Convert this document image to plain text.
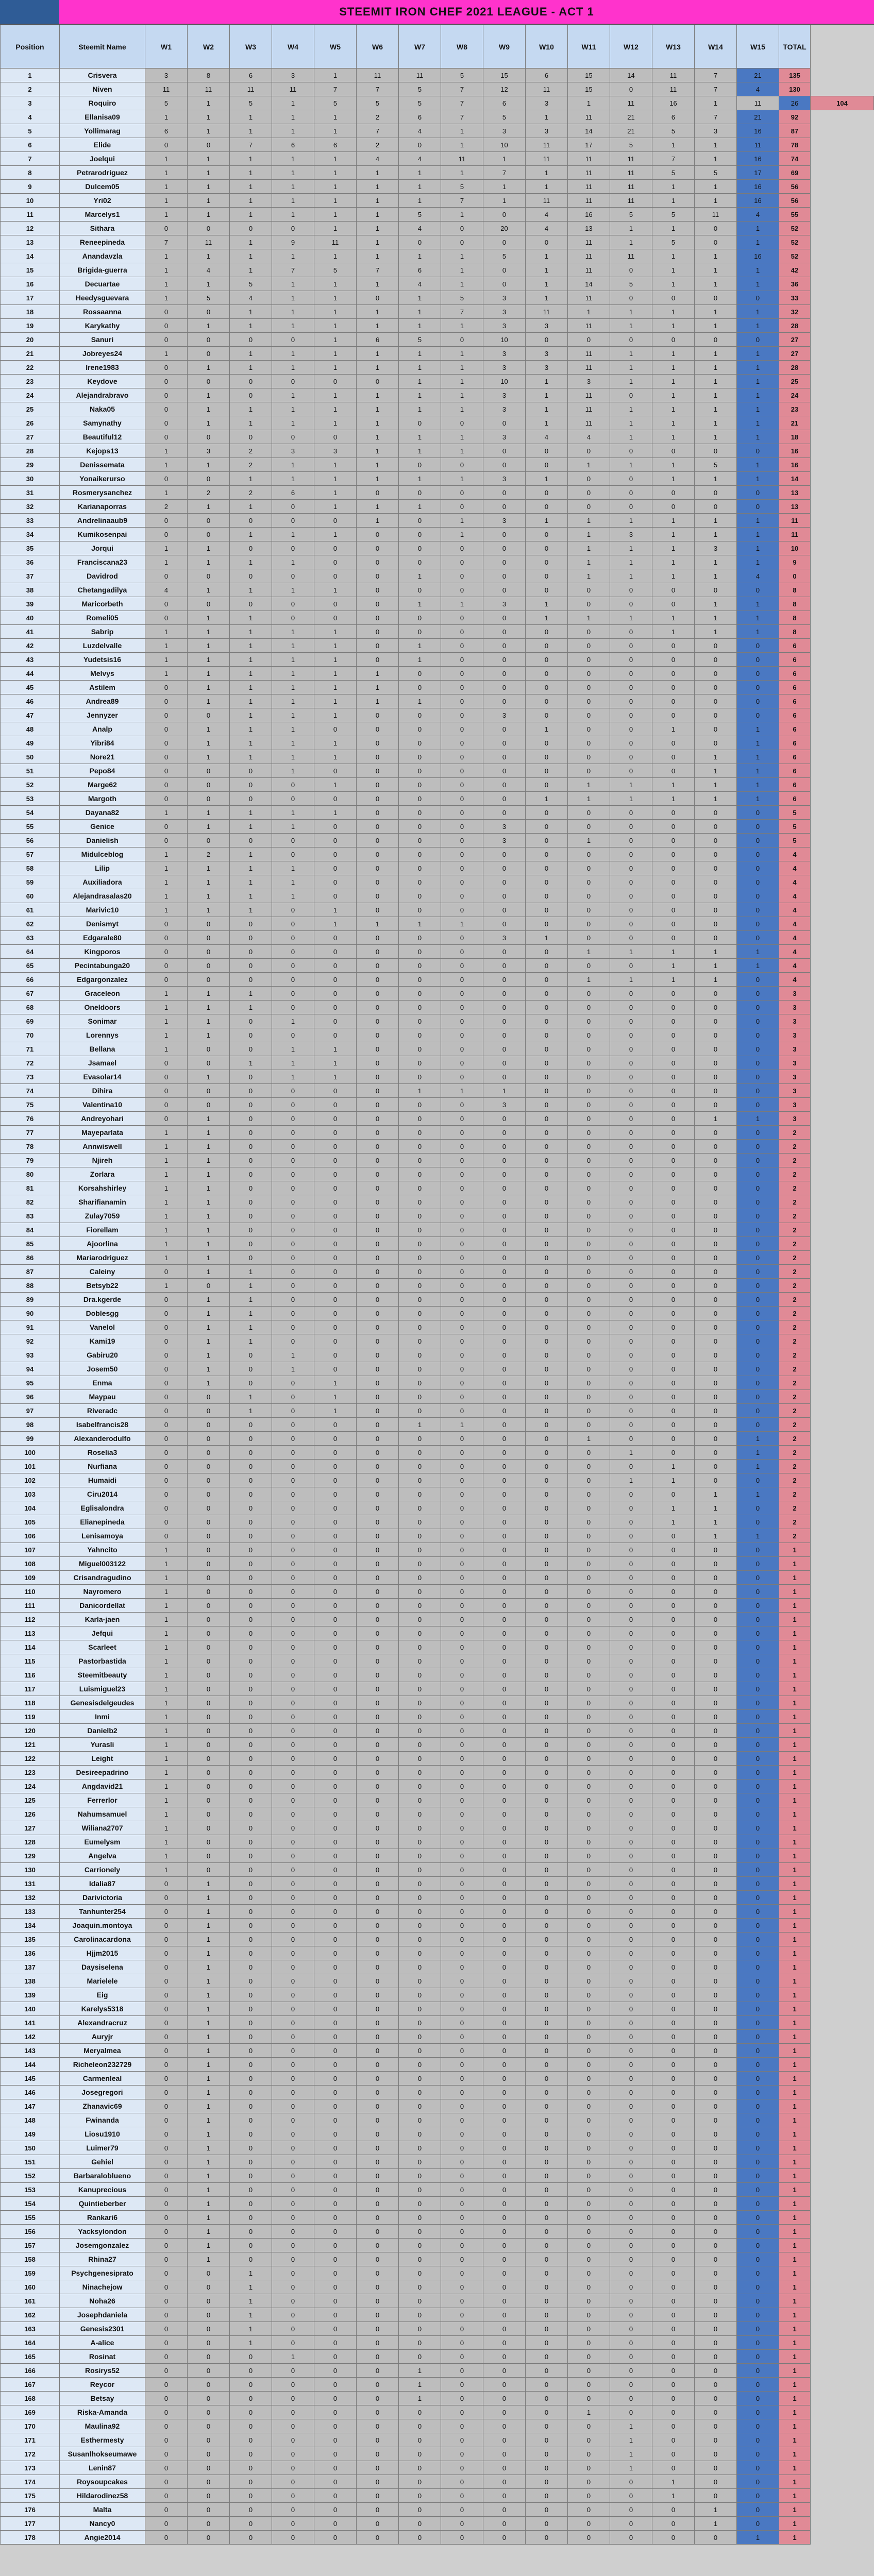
STEEMIT IRON CHEF 2021 LEAGUE - ACT 1
Position	Steemit Name	W1	W2	W3	W4	W5	W6	W7	W8	W9	W10	W11	W12	W13	W14	W15	TOTAL	
1	Crisvera	3	8	6	3	1	11	11	5	15	6	15	14	11	7	21	135	
2	Niven	11	11	11	11	7	7	5	7	12	11	15	0	11	7	4	130	
3	Roquiro	5	1	5	1	5	5	5	7	6	3	1	11	16	1	11	26	104
4	Ellanisa09	1	1	1	1	1	2	6	7	5	1	11	21	6	7	21	92	
5	Yollimarag	6	1	1	1	1	7	4	1	3	3	14	21	5	3	16	87	
6	Elide	0	0	7	6	6	2	0	1	10	11	17	5	1	1	11	78	
7	Joelqui	1	1	1	1	1	4	4	11	1	11	11	11	7	1	16	74	
8	Petrarodriguez	1	1	1	1	1	1	1	1	7	1	11	11	5	5	17	69	
9	Dulcem05	1	1	1	1	1	1	1	5	1	1	11	11	1	1	16	56	
10	Yri02	1	1	1	1	1	1	1	7	1	11	11	11	1	1	16	56	
11	Marcelys1	1	1	1	1	1	1	5	1	0	4	16	5	5	11	4	55	
12	Sithara	0	0	0	0	1	1	4	0	20	4	13	1	1	0	1	52	
13	Reneepineda	7	11	1	9	11	1	0	0	0	0	11	1	5	0	1	52	
14	Anandavzla	1	1	1	1	1	1	1	1	5	1	11	11	1	1	16	52	
15	Brigida-guerra	1	4	1	7	5	7	6	1	0	1	11	0	1	1	1	42	
16	Decuartae	1	1	5	1	1	1	4	1	0	1	14	5	1	1	1	36	
17	Heedysguevara	1	5	4	1	1	0	1	5	3	1	11	0	0	0	0	33	
18	Rossaanna	0	0	1	1	1	1	1	7	3	11	1	1	1	1	1	32	
19	Karykathy	0	1	1	1	1	1	1	1	3	3	11	1	1	1	1	28	
20	Sanuri	0	0	0	0	1	6	5	0	10	0	0	0	0	0	0	27	
21	Jobreyes24	1	0	1	1	1	1	1	1	3	3	11	1	1	1	1	27	
22	Irene1983	0	1	1	1	1	1	1	1	3	3	11	1	1	1	1	28	
23	Keydove	0	0	0	0	0	0	1	1	10	1	3	1	1	1	1	25	
24	Alejandrabravo	0	1	0	1	1	1	1	1	3	1	11	0	1	1	1	24	
25	Naka05	0	1	1	1	1	1	1	1	3	1	11	1	1	1	1	23	
26	Samynathy	0	1	1	1	1	1	0	0	0	1	11	1	1	1	1	21	
27	Beautiful12	0	0	0	0	0	1	1	1	3	4	4	1	1	1	1	18	
28	Kejops13	1	3	2	3	3	1	1	1	0	0	0	0	0	0	0	16	
29	Denissemata	1	1	2	1	1	1	0	0	0	0	1	1	1	5	1	16	
30	Yonaikerurso	0	0	1	1	1	1	1	1	3	1	0	0	1	1	1	14	
31	Rosmerysanchez	1	2	2	6	1	0	0	0	0	0	0	0	0	0	0	13	
32	Karianaporras	2	1	1	0	1	1	1	0	0	0	0	0	0	0	0	13	
33	Andrelinaaub9	0	0	0	0	0	1	0	1	3	1	1	1	1	1	1	11	
34	Kumikosenpai	0	0	1	1	1	0	0	1	0	0	1	3	1	1	1	11	
35	Jorqui	1	1	0	0	0	0	0	0	0	0	1	1	1	3	1	10	
36	Franciscana23	1	1	1	1	0	0	0	0	0	0	1	1	1	1	1	9	
37	Davidrod	0	0	0	0	0	0	1	0	0	0	1	1	1	1	4	0	
38	Chetangadilya	4	1	1	1	1	0	0	0	0	0	0	0	0	0	0	8	
39	Maricorbeth	0	0	0	0	0	0	1	1	3	1	0	0	0	1	1	8	
40	Romeli05	0	1	1	0	0	0	0	0	0	1	1	1	1	1	1	8	
41	Sabrip	1	1	1	1	1	0	0	0	0	0	0	0	1	1	1	8	
42	Luzdelvalle	1	1	1	1	1	0	1	0	0	0	0	0	0	0	0	6	
43	Yudetsis16	1	1	1	1	1	0	1	0	0	0	0	0	0	0	0	6	
44	Melvys	1	1	1	1	1	1	0	0	0	0	0	0	0	0	0	6	
45	Astilem	0	1	1	1	1	1	0	0	0	0	0	0	0	0	0	6	
46	Andrea89	0	1	1	1	1	1	1	0	0	0	0	0	0	0	0	6	
47	Jennyzer	0	0	1	1	1	0	0	0	3	0	0	0	0	0	0	6	
48	Analp	0	1	1	1	0	0	0	0	0	1	0	0	1	0	1	6	
49	Yibri84	0	1	1	1	1	0	0	0	0	0	0	0	0	0	1	6	
50	Nore21	0	1	1	1	1	0	0	0	0	0	0	0	0	1	1	6	
51	Pepo84	0	0	0	1	0	0	0	0	0	0	0	0	0	1	1	6	
52	Marge62	0	0	0	0	1	0	0	0	0	0	1	1	1	1	1	6	
53	Margoth	0	0	0	0	0	0	0	0	0	1	1	1	1	1	1	6	
54	Dayana82	1	1	1	1	1	0	0	0	0	0	0	0	0	0	0	5	
55	Genice	0	1	1	1	0	0	0	0	3	0	0	0	0	0	0	5	
56	Danielish	0	0	0	0	0	0	0	0	3	0	1	0	0	0	0	5	
57	Midulceblog	1	2	1	0	0	0	0	0	0	0	0	0	0	0	0	4	
58	Lilip	1	1	1	1	0	0	0	0	0	0	0	0	0	0	0	4	
59	Auxiliadora	1	1	1	1	0	0	0	0	0	0	0	0	0	0	0	4	
60	Alejandrasalas20	1	1	1	1	0	0	0	0	0	0	0	0	0	0	0	4	
61	Marivic10	1	1	1	0	1	0	0	0	0	0	0	0	0	0	0	4	
62	Denismyt	0	0	0	0	1	1	1	1	0	0	0	0	0	0	0	4	
63	Edgarale80	0	0	0	0	0	0	0	0	3	1	0	0	0	0	0	4	
64	Kingporos	0	0	0	0	0	0	0	0	0	0	1	1	1	1	1	4	
65	Pecintabunga20	0	0	0	0	0	0	0	0	0	0	0	0	1	1	1	4	
66	Edgargonzalez	0	0	0	0	0	0	0	0	0	0	1	1	1	1	0	4	
67	Graceleon	1	1	1	0	0	0	0	0	0	0	0	0	0	0	0	3	
68	Oneldoors	1	1	1	0	0	0	0	0	0	0	0	0	0	0	0	3	
69	Sonimar	1	1	0	1	0	0	0	0	0	0	0	0	0	0	0	3	
70	Lorennys	1	1	0	0	0	0	0	0	0	0	0	0	0	0	0	3	
71	Bellana	1	0	0	1	1	0	0	0	0	0	0	0	0	0	0	3	
72	Jsamael	0	0	1	1	1	0	0	0	0	0	0	0	0	0	0	3	
73	Evasolar14	0	1	0	1	1	0	0	0	0	0	0	0	0	0	0	3	
74	Dihira	0	0	0	0	0	0	1	1	1	0	0	0	0	0	0	3	
75	Valentina10	0	0	0	0	0	0	0	0	3	0	0	0	0	0	0	3	
76	Andreyohari	0	1	0	0	0	0	0	0	0	0	0	0	0	1	1	3	
77	Mayeparlata	1	1	0	0	0	0	0	0	0	0	0	0	0	0	0	2	
78	Annwiswell	1	1	0	0	0	0	0	0	0	0	0	0	0	0	0	2	
79	Njireh	1	1	0	0	0	0	0	0	0	0	0	0	0	0	0	2	
80	Zorlara	1	1	0	0	0	0	0	0	0	0	0	0	0	0	0	2	
81	Korsahshirley	1	1	0	0	0	0	0	0	0	0	0	0	0	0	0	2	
82	Sharifianamin	1	1	0	0	0	0	0	0	0	0	0	0	0	0	0	2	
83	Zulay7059	1	1	0	0	0	0	0	0	0	0	0	0	0	0	0	2	
84	Fiorellam	1	1	0	0	0	0	0	0	0	0	0	0	0	0	0	2	
85	Ajoorlina	1	1	0	0	0	0	0	0	0	0	0	0	0	0	0	2	
86	Mariarodriguez	1	1	0	0	0	0	0	0	0	0	0	0	0	0	0	2	
87	Caleiny	0	1	1	0	0	0	0	0	0	0	0	0	0	0	0	2	
88	Betsyb22	1	0	1	0	0	0	0	0	0	0	0	0	0	0	0	2	
89	Dra.kgerde	0	1	1	0	0	0	0	0	0	0	0	0	0	0	0	2	
90	Doblesgg	0	1	1	0	0	0	0	0	0	0	0	0	0	0	0	2	
91	Vanelol	0	1	1	0	0	0	0	0	0	0	0	0	0	0	0	2	
92	Kami19	0	1	1	0	0	0	0	0	0	0	0	0	0	0	0	2	
93	Gabiru20	0	1	0	1	0	0	0	0	0	0	0	0	0	0	0	2	
94	Josem50	0	1	0	1	0	0	0	0	0	0	0	0	0	0	0	2	
95	Enma	0	1	0	0	1	0	0	0	0	0	0	0	0	0	0	2	
96	Maypau	0	0	1	0	1	0	0	0	0	0	0	0	0	0	0	2	
97	Riveradc	0	0	1	0	1	0	0	0	0	0	0	0	0	0	0	2	
98	Isabelfrancis28	0	0	0	0	0	0	1	1	0	0	0	0	0	0	0	2	
99	Alexanderodulfo	0	0	0	0	0	0	0	0	0	0	1	0	0	0	1	2	
100	Roselia3	0	0	0	0	0	0	0	0	0	0	0	1	0	0	1	2	
101	Nurfiana	0	0	0	0	0	0	0	0	0	0	0	0	1	0	1	2	
102	Humaidi	0	0	0	0	0	0	0	0	0	0	0	1	1	0	0	2	
103	Ciru2014	0	0	0	0	0	0	0	0	0	0	0	0	0	1	1	2	
104	Eglisalondra	0	0	0	0	0	0	0	0	0	0	0	0	1	1	0	2	
105	Elianepineda	0	0	0	0	0	0	0	0	0	0	0	0	1	1	0	2	
106	Lenisamoya	0	0	0	0	0	0	0	0	0	0	0	0	0	1	1	2	
107	Yahncito	1	0	0	0	0	0	0	0	0	0	0	0	0	0	0	1	
108	Miguel003122	1	0	0	0	0	0	0	0	0	0	0	0	0	0	0	1	
109	Crisandragudino	1	0	0	0	0	0	0	0	0	0	0	0	0	0	0	1	
110	Nayromero	1	0	0	0	0	0	0	0	0	0	0	0	0	0	0	1	
111	Danicordellat	1	0	0	0	0	0	0	0	0	0	0	0	0	0	0	1	
112	Karla-jaen	1	0	0	0	0	0	0	0	0	0	0	0	0	0	0	1	
113	Jefqui	1	0	0	0	0	0	0	0	0	0	0	0	0	0	0	1	
114	Scarleet	1	0	0	0	0	0	0	0	0	0	0	0	0	0	0	1	
115	Pastorbastida	1	0	0	0	0	0	0	0	0	0	0	0	0	0	0	1	
116	Steemitbeauty	1	0	0	0	0	0	0	0	0	0	0	0	0	0	0	1	
117	Luismiguel23	1	0	0	0	0	0	0	0	0	0	0	0	0	0	0	1	
118	Genesisdelgeudes	1	0	0	0	0	0	0	0	0	0	0	0	0	0	0	1	
119	Inmi	1	0	0	0	0	0	0	0	0	0	0	0	0	0	0	1	
120	Danielb2	1	0	0	0	0	0	0	0	0	0	0	0	0	0	0	1	
121	Yurasli	1	0	0	0	0	0	0	0	0	0	0	0	0	0	0	1	
122	Leight	1	0	0	0	0	0	0	0	0	0	0	0	0	0	0	1	
123	Desireepadrino	1	0	0	0	0	0	0	0	0	0	0	0	0	0	0	1	
124	Angdavid21	1	0	0	0	0	0	0	0	0	0	0	0	0	0	0	1	
125	Ferrerlor	1	0	0	0	0	0	0	0	0	0	0	0	0	0	0	1	
126	Nahumsamuel	1	0	0	0	0	0	0	0	0	0	0	0	0	0	0	1	
127	Wiliana2707	1	0	0	0	0	0	0	0	0	0	0	0	0	0	0	1	
128	Eumelysm	1	0	0	0	0	0	0	0	0	0	0	0	0	0	0	1	
129	Angelva	1	0	0	0	0	0	0	0	0	0	0	0	0	0	0	1	
130	Carrionely	1	0	0	0	0	0	0	0	0	0	0	0	0	0	0	1	
131	Idalia87	0	1	0	0	0	0	0	0	0	0	0	0	0	0	0	1	
132	Darivictoria	0	1	0	0	0	0	0	0	0	0	0	0	0	0	0	1	
133	Tanhunter254	0	1	0	0	0	0	0	0	0	0	0	0	0	0	0	1	
134	Joaquin.montoya	0	1	0	0	0	0	0	0	0	0	0	0	0	0	0	1	
135	Carolinacardona	0	1	0	0	0	0	0	0	0	0	0	0	0	0	0	1	
136	Hjjm2015	0	1	0	0	0	0	0	0	0	0	0	0	0	0	0	1	
137	Daysiselena	0	1	0	0	0	0	0	0	0	0	0	0	0	0	0	1	
138	Marielele	0	1	0	0	0	0	0	0	0	0	0	0	0	0	0	1	
139	Eig	0	1	0	0	0	0	0	0	0	0	0	0	0	0	0	1	
140	Karelys5318	0	1	0	0	0	0	0	0	0	0	0	0	0	0	0	1	
141	Alexandracruz	0	1	0	0	0	0	0	0	0	0	0	0	0	0	0	1	
142	Auryjr	0	1	0	0	0	0	0	0	0	0	0	0	0	0	0	1	
143	Meryalmea	0	1	0	0	0	0	0	0	0	0	0	0	0	0	0	1	
144	Richeleon232729	0	1	0	0	0	0	0	0	0	0	0	0	0	0	0	1	
145	Carmenleal	0	1	0	0	0	0	0	0	0	0	0	0	0	0	0	1	
146	Josegregori	0	1	0	0	0	0	0	0	0	0	0	0	0	0	0	1	
147	Zhanavic69	0	1	0	0	0	0	0	0	0	0	0	0	0	0	0	1	
148	Fwinanda	0	1	0	0	0	0	0	0	0	0	0	0	0	0	0	1	
149	Liosu1910	0	1	0	0	0	0	0	0	0	0	0	0	0	0	0	1	
150	Luimer79	0	1	0	0	0	0	0	0	0	0	0	0	0	0	0	1	
151	Gehiel	0	1	0	0	0	0	0	0	0	0	0	0	0	0	0	1	
152	Barbaraloblueno	0	1	0	0	0	0	0	0	0	0	0	0	0	0	0	1	
153	Kanuprecious	0	1	0	0	0	0	0	0	0	0	0	0	0	0	0	1	
154	Quintieberber	0	1	0	0	0	0	0	0	0	0	0	0	0	0	0	1	
155	Rankari6	0	1	0	0	0	0	0	0	0	0	0	0	0	0	0	1	
156	Yacksylondon	0	1	0	0	0	0	0	0	0	0	0	0	0	0	0	1	
157	Josemgonzalez	0	1	0	0	0	0	0	0	0	0	0	0	0	0	0	1	
158	Rhina27	0	1	0	0	0	0	0	0	0	0	0	0	0	0	0	1	
159	Psychgenesiprato	0	0	1	0	0	0	0	0	0	0	0	0	0	0	0	1	
160	Ninachejow	0	0	1	0	0	0	0	0	0	0	0	0	0	0	0	1	
161	Noha26	0	0	1	0	0	0	0	0	0	0	0	0	0	0	0	1	
162	Josephdaniela	0	0	1	0	0	0	0	0	0	0	0	0	0	0	0	1	
163	Genesis2301	0	0	1	0	0	0	0	0	0	0	0	0	0	0	0	1	
164	A-alice	0	0	1	0	0	0	0	0	0	0	0	0	0	0	0	1	
165	Rosinat	0	0	0	1	0	0	0	0	0	0	0	0	0	0	0	1	
166	Rosirys52	0	0	0	0	0	0	1	0	0	0	0	0	0	0	0	1	
167	Reycor	0	0	0	0	0	0	1	0	0	0	0	0	0	0	0	1	
168	Betsay	0	0	0	0	0	0	1	0	0	0	0	0	0	0	0	1	
169	Riska-Amanda	0	0	0	0	0	0	0	0	0	0	1	0	0	0	0	1	
170	Maulina92	0	0	0	0	0	0	0	0	0	0	0	1	0	0	0	1	
171	Esthermesty	0	0	0	0	0	0	0	0	0	0	0	1	0	0	0	1	
172	Susanlhokseumawe	0	0	0	0	0	0	0	0	0	0	0	1	0	0	0	1	
173	Lenin87	0	0	0	0	0	0	0	0	0	0	0	1	0	0	0	1	
174	Roysoupcakes	0	0	0	0	0	0	0	0	0	0	0	0	1	0	0	1	
175	Hildarodinez58	0	0	0	0	0	0	0	0	0	0	0	0	1	0	0	1	
176	Malta	0	0	0	0	0	0	0	0	0	0	0	0	0	1	0	1	
177	Nancy0	0	0	0	0	0	0	0	0	0	0	0	0	0	1	0	1	
178	Angie2014	0	0	0	0	0	0	0	0	0	0	0	0	0	0	1	1	
